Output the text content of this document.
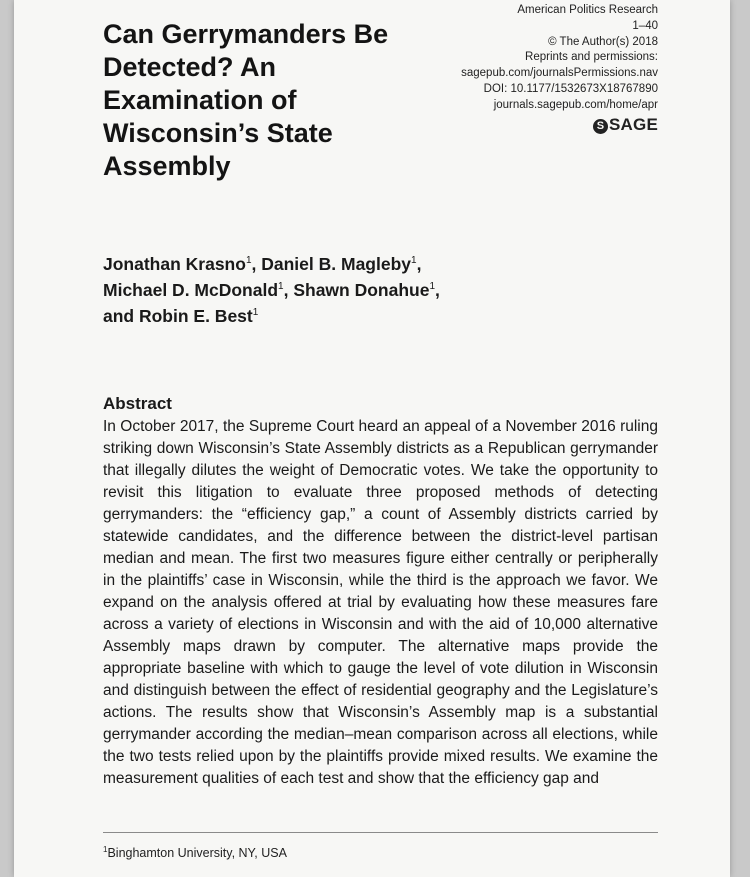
Can Gerrymanders Be Detected? An Examination of Wisconsin’s State Assembly
American Politics Research
1–40
© The Author(s) 2018
Reprints and permissions:
sagepub.com/journalsPermissions.nav
DOI: 10.1177/1532673X18767890
journals.sagepub.com/home/apr
S SAGE
Jonathan Krasno$^1$, Daniel B. Magleby$^1$,
Michael D. McDonald$^1$, Shawn Donahue$^1$,
and Robin E. Best$^1$
Abstract
In October 2017, the Supreme Court heard an appeal of a November 2016 ruling striking down Wisconsin’s State Assembly districts as a Republican gerrymander that illegally dilutes the weight of Democratic votes. We take the opportunity to revisit this litigation to evaluate three proposed methods of detecting gerrymanders: the “efficiency gap,” a count of Assembly districts carried by statewide candidates, and the difference between the district-level partisan median and mean. The first two measures figure either centrally or peripherally in the plaintiffs’ case in Wisconsin, while the third is the approach we favor. We expand on the analysis offered at trial by evaluating how these measures fare across a variety of elections in Wisconsin and with the aid of 10,000 alternative Assembly maps drawn by computer. The alternative maps provide the appropriate baseline with which to gauge the level of vote dilution in Wisconsin and distinguish between the effect of residential geography and the Legislature’s actions. The results show that Wisconsin’s Assembly map is a substantial gerrymander according the median–mean comparison across all elections, while the two tests relied upon by the plaintiffs provide mixed results. We examine the measurement qualities of each test and show that the efficiency gap and
$^1$Binghamton University, NY, USA
